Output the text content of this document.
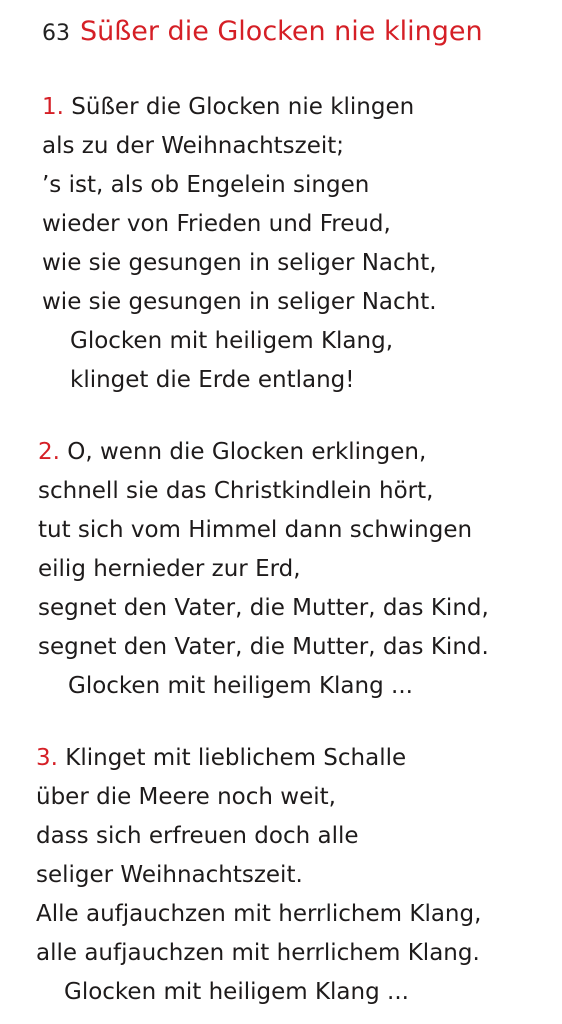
63 Süßer die Glocken nie klingen
1. Süßer die Glocken nie klingen
als zu der Weihnachtszeit;
’s ist, als ob Engelein singen
wieder von Frieden und Freud,
wie sie gesungen in seliger Nacht,
wie sie gesungen in seliger Nacht.
Glocken mit heiligem Klang,
klinget die Erde entlang!
2. O, wenn die Glocken erklingen,
schnell sie das Christkindlein hört,
tut sich vom Himmel dann schwingen
eilig hernieder zur Erd,
segnet den Vater, die Mutter, das Kind,
segnet den Vater, die Mutter, das Kind.
Glocken mit heiligem Klang ...
3. Klinget mit lieblichem Schalle
über die Meere noch weit,
dass sich erfreuen doch alle
seliger Weihnachtszeit.
Alle aufjauchzen mit herrlichem Klang,
alle aufjauchzen mit herrlichem Klang.
Glocken mit heiligem Klang ...
